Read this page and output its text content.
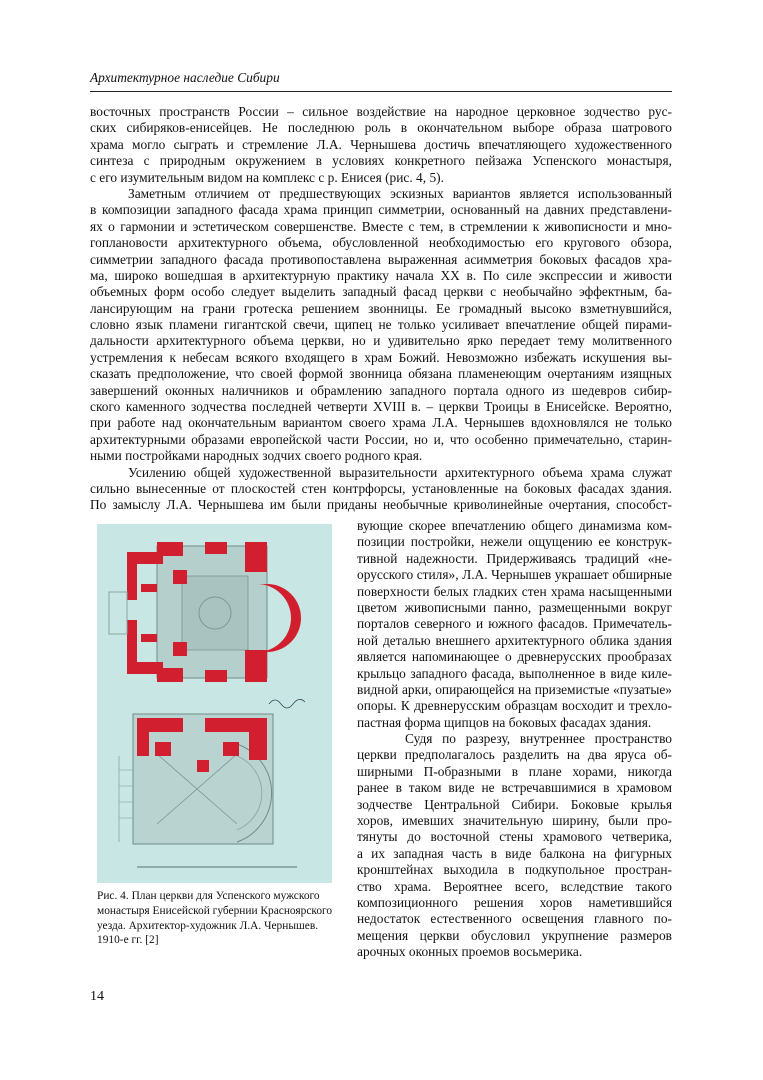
Архитектурное наследие Сибири
восточных пространств России – сильное воздействие на народное церковное зодчество рус-
ских сибиряков-енисейцев. Не последнюю роль в окончательном выборе образа шатрового
храма могло сыграть и стремление Л.А. Чернышева достичь впечатляющего художественного
синтеза с природным окружением в условиях конкретного пейзажа Успенского монастыря,
с его изумительным видом на комплекс с р. Енисея (рис. 4, 5).
Заметным отличием от предшествующих эскизных вариантов является использованный
в композиции западного фасада храма принцип симметрии, основанный на давних представлени-
ях о гармонии и эстетическом совершенстве. Вместе с тем, в стремлении к живописности и мно-
гоплановости архитектурного объема, обусловленной необходимостью его кругового обзора,
симметрии западного фасада противопоставлена выраженная асимметрия боковых фасадов хра-
ма, широко вошедшая в архитектурную практику начала XX в. По силе экспрессии и живости
объемных форм особо следует выделить западный фасад церкви с необычайно эффектным, ба-
лансирующим на грани гротеска решением звонницы. Ее громадный высоко взметнувшийся,
словно язык пламени гигантской свечи, щипец не только усиливает впечатление общей пирами-
дальности архитектурного объема церкви, но и удивительно ярко передает тему молитвенного
устремления к небесам всякого входящего в храм Божий. Невозможно избежать искушения вы-
сказать предположение, что своей формой звонница обязана пламенеющим очертаниям изящных
завершений оконных наличников и обрамлению западного портала одного из шедевров сибир-
ского каменного зодчества последней четверти XVIII в. – церкви Троицы в Енисейске. Вероятно,
при работе над окончательным вариантом своего храма Л.А. Чернышев вдохновлялся не только
архитектурными образами европейской части России, но и, что особенно примечательно, старин-
ными постройками народных зодчих своего родного края.
Усилению общей художественной выразительности архитектурного объема храма служат
сильно вынесенные от плоскостей стен контрфорсы, установленные на боковых фасадах здания.
По замыслу Л.А. Чернышева им были приданы необычные криволинейные очертания, способст-
Рис. 4. План церкви для Успенского мужского
монастыря Енисейской губернии Красноярского
уезда. Архитектор-художник Л.А. Чернышев.
1910-е гг. [2]
вующие скорее впечатлению общего динамизма ком-
позиции постройки, нежели ощущению ее конструк-
тивной надежности. Придерживаясь традиций «не-
орусского стиля», Л.А. Чернышев украшает обширные
поверхности белых гладких стен храма насыщенными
цветом живописными панно, размещенными вокруг
порталов северного и южного фасадов. Примечатель-
ной деталью внешнего архитектурного облика здания
является напоминающее о древнерусских прообразах
крыльцо западного фасада, выполненное в виде киле-
видной арки, опирающейся на приземистые «пузатые»
опоры. К древнерусским образцам восходит и трехло-
пастная форма щипцов на боковых фасадах здания.
Судя по разрезу, внутреннее пространство
церкви предполагалось разделить на два яруса об-
ширными П-образными в плане хорами, никогда
ранее в таком виде не встречавшимися в храмовом
зодчестве Центральной Сибири. Боковые крылья
хоров, имевших значительную ширину, были про-
тянуты до восточной стены храмового четверика,
а их западная часть в виде балкона на фигурных
кронштейнах выходила в подкупольное простран-
ство храма. Вероятнее всего, вследствие такого
композиционного решения хоров наметившийся
недостаток естественного освещения главного по-
мещения церкви обусловил укрупнение размеров
арочных оконных проемов восьмерика.
14
